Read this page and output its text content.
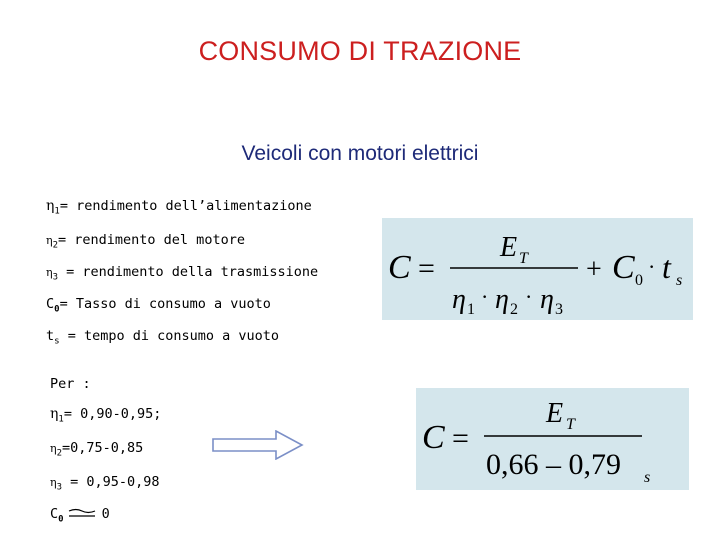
CONSUMO DI TRAZIONE
Veicoli con motori elettrici
$\eta_1=$ rendimento dell’alimentazione
$\eta_2=$ rendimento del motore
$\eta_3$ = rendimento della trasmissione
$C_0=$ Tasso di consumo a vuoto
$t_s$ = tempo di consumo a vuoto
Per :
$\eta_1= 0,90-0,95$;
$\eta_2=0,75-0,85$
$\eta_3 = 0,95-0,98$
$C_0$	0
C =
E T
η 1
· η 2
· η 3
+ C 0
· t s
C =
E T
0,66 – 0,79 s
